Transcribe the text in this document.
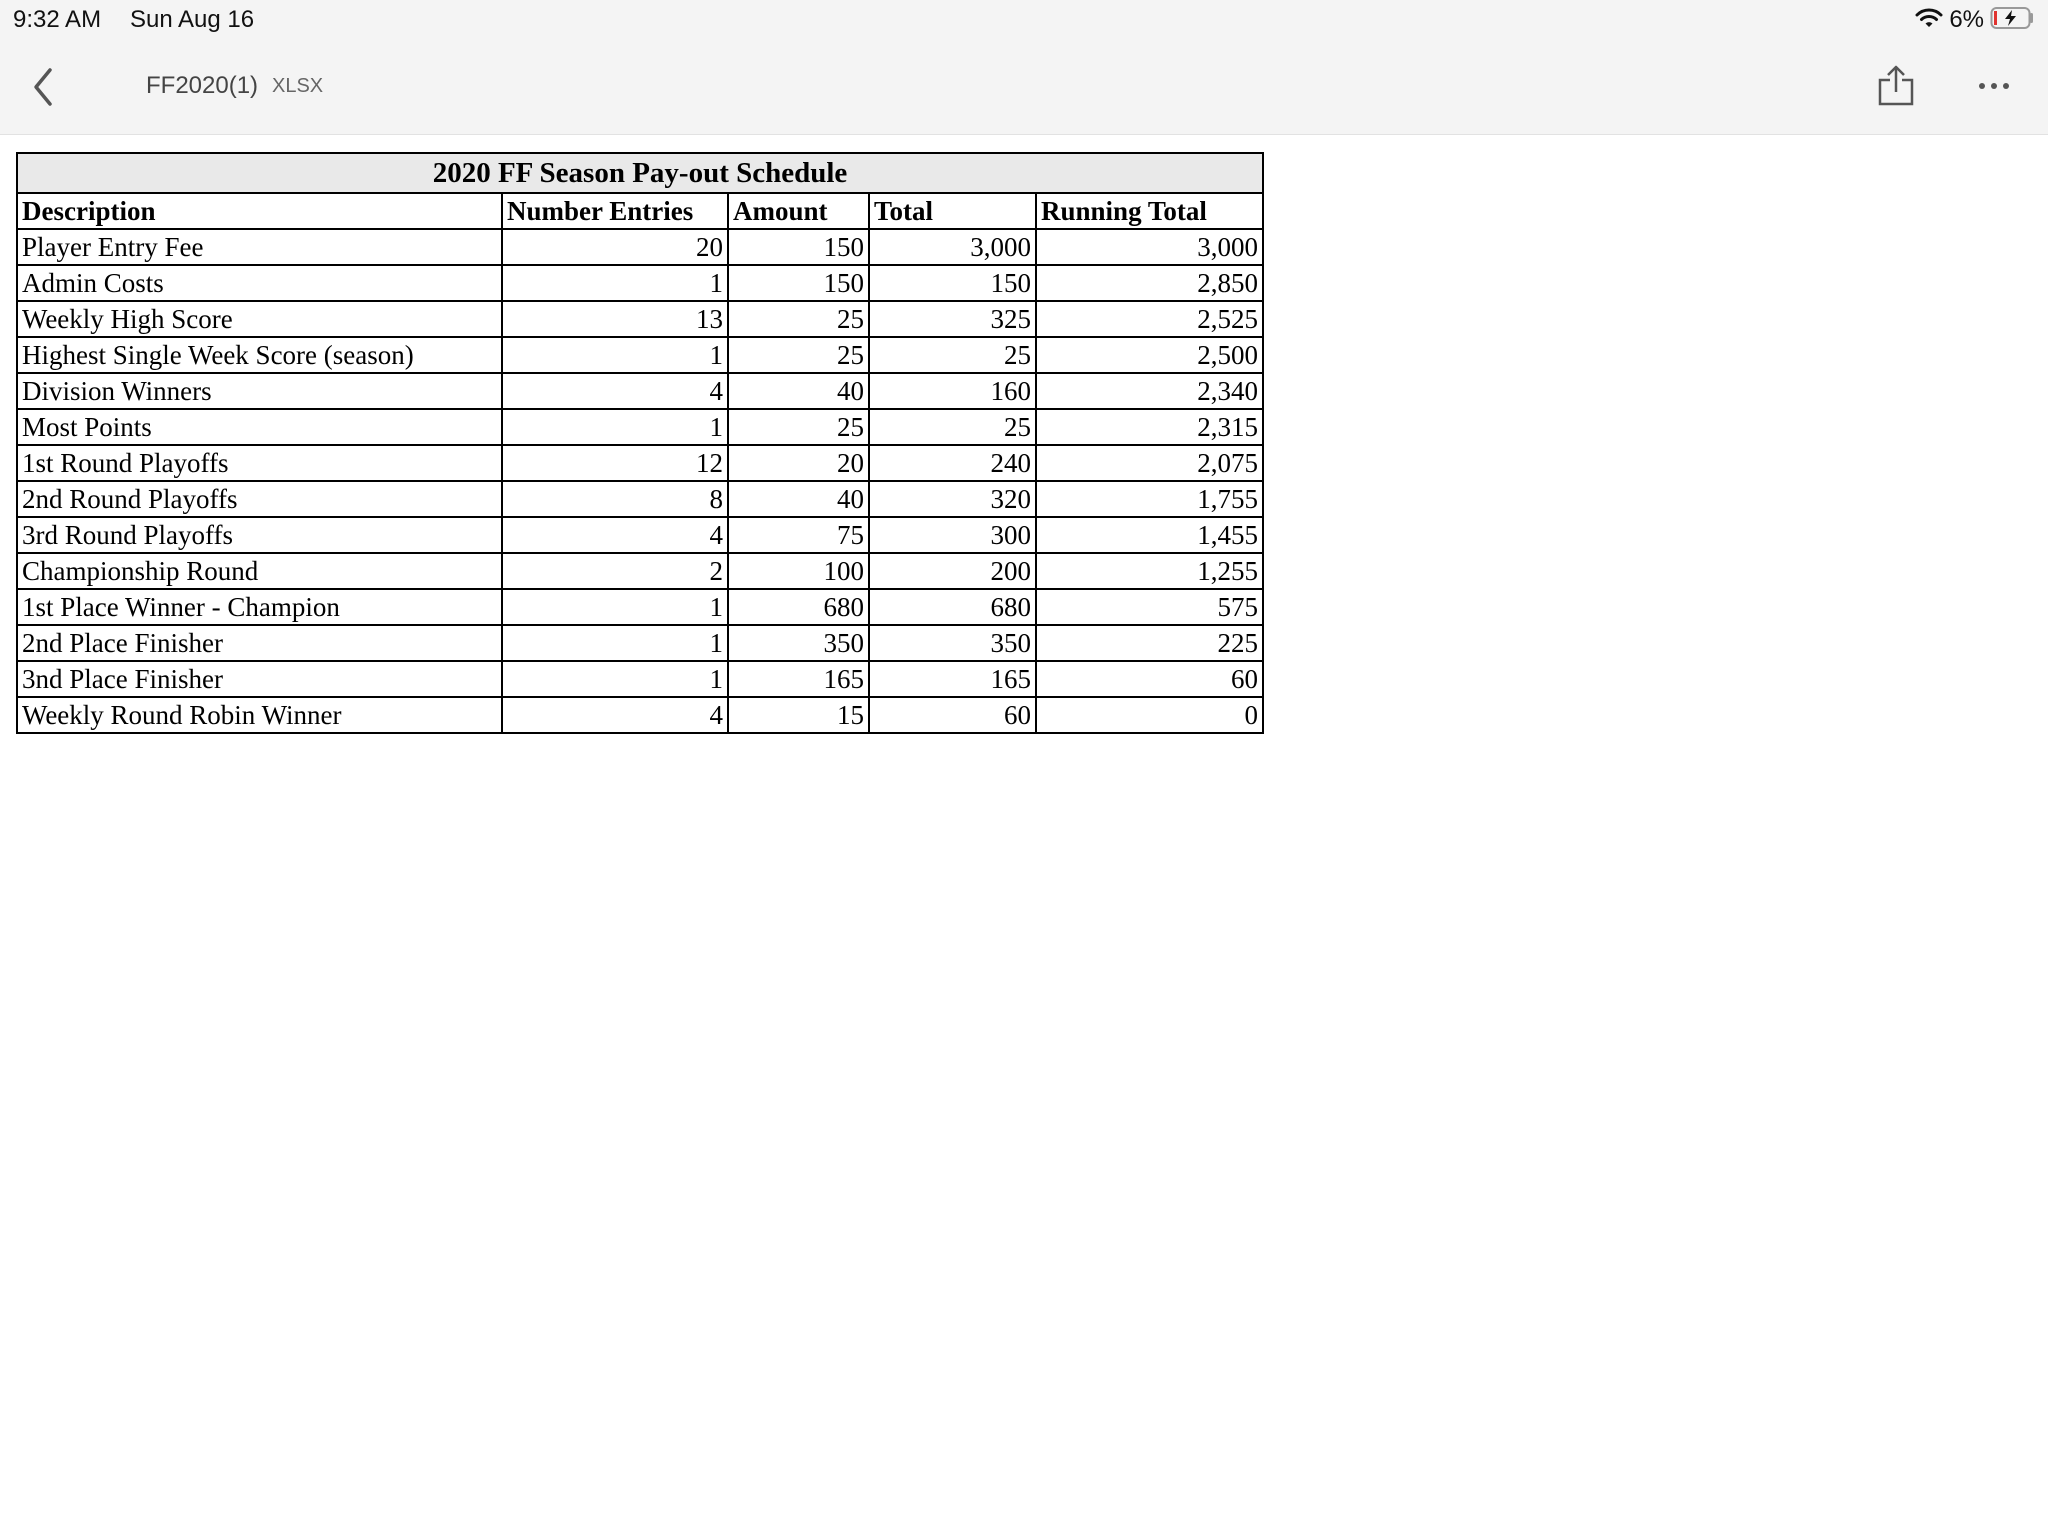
9:32 AM Sun Aug 16	6%
FF2020(1) XLSX
2020 FF Season Pay-out Schedule				
Description	Number Entries	Amount	Total	Running Total
Player Entry Fee	20	150	3,000	3,000
Admin Costs	1	150	150	2,850
Weekly High Score	13	25	325	2,525
Highest Single Week Score (season)	1	25	25	2,500
Division Winners	4	40	160	2,340
Most Points	1	25	25	2,315
1st Round Playoffs	12	20	240	2,075
2nd Round Playoffs	8	40	320	1,755
3rd Round Playoffs	4	75	300	1,455
Championship Round	2	100	200	1,255
1st Place Winner - Champion	1	680	680	575
2nd Place Finisher	1	350	350	225
3nd Place Finisher	1	165	165	60
Weekly Round Robin Winner	4	15	60	0
